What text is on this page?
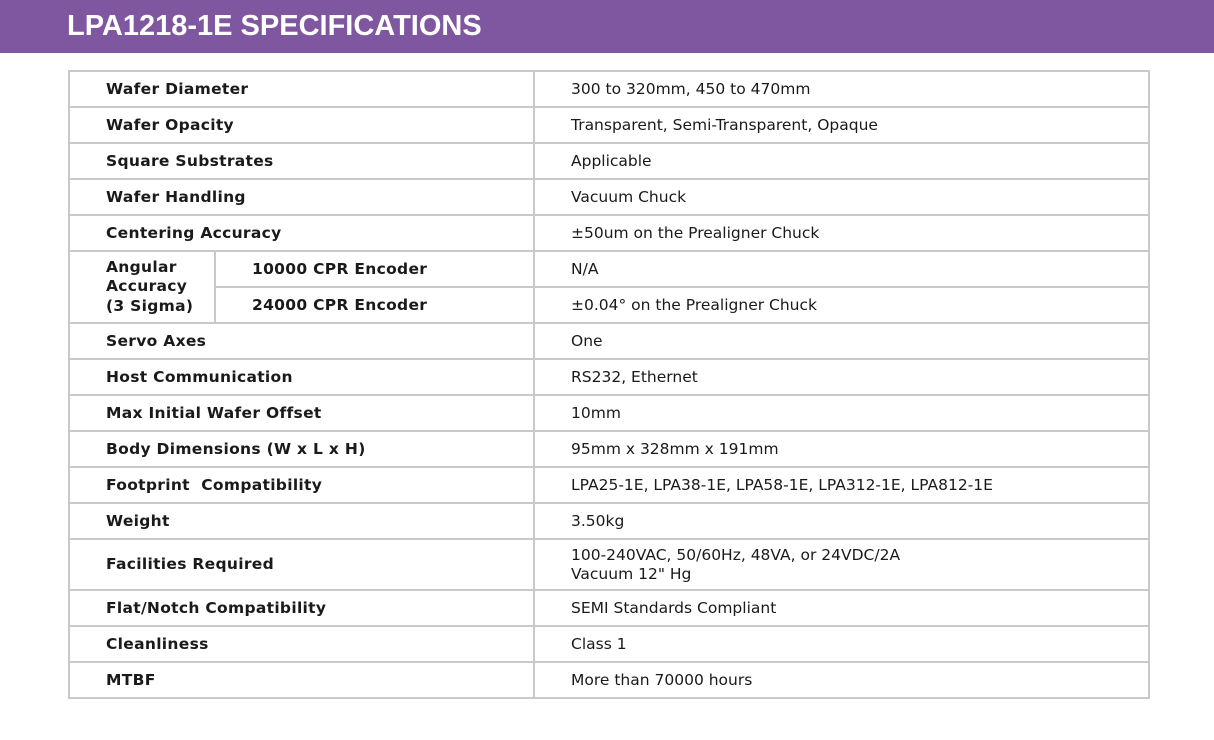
LPA1218-1E SPECIFICATIONS
Wafer Diameter		300 to 320mm, 450 to 470mm
Wafer Opacity		Transparent, Semi-Transparent, Opaque
Square Substrates		Applicable
Wafer Handling		Vacuum Chuck
Centering Accuracy		±50um on the Prealigner Chuck
Angular
Accuracy
(3 Sigma)	10000 CPR Encoder	N/A
	24000 CPR Encoder	±0.04° on the Prealigner Chuck
Servo Axes		One
Host Communication		RS232, Ethernet
Max Initial Wafer Offset		10mm
Body Dimensions (W x L x H)		95mm x 328mm x 191mm
Footprint  Compatibility		LPA25-1E, LPA38-1E, LPA58-1E, LPA312-1E, LPA812-1E
Weight		3.50kg
Facilities Required		100-240VAC, 50/60Hz, 48VA, or 24VDC/2A
Vacuum 12" Hg
Flat/Notch Compatibility		SEMI Standards Compliant
Cleanliness		Class 1
MTBF		More than 70000 hours
